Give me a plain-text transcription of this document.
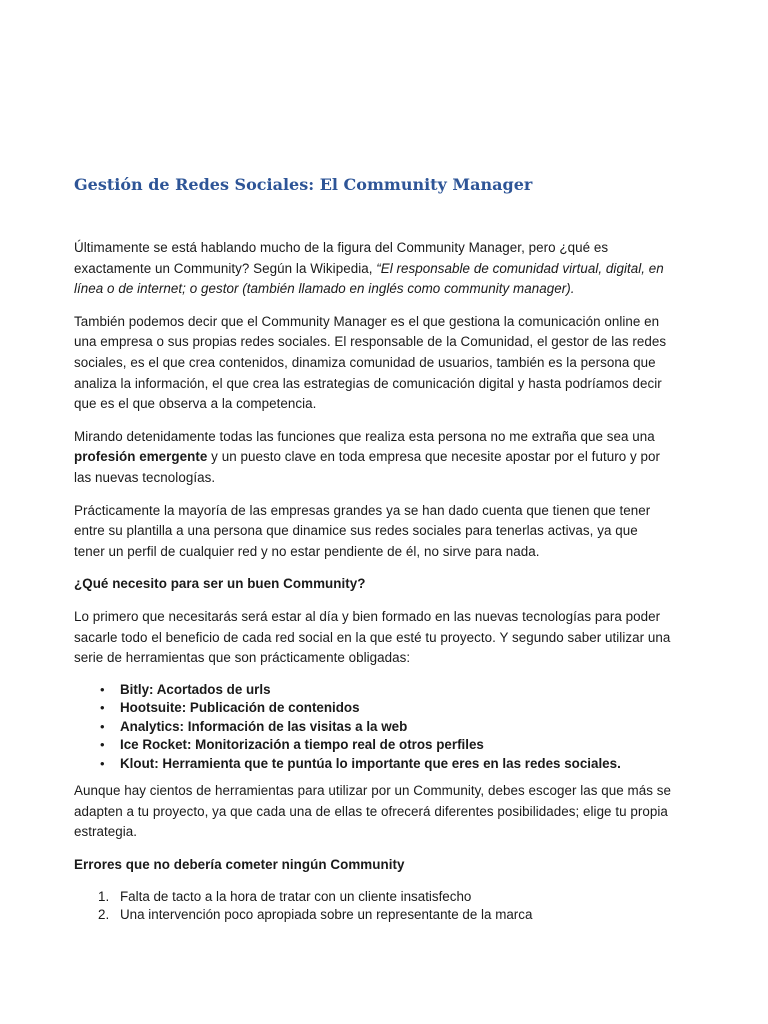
Gestión de Redes Sociales: El Community Manager

Últimamente se está hablando mucho de la figura del Community Manager, pero ¿qué es exactamente un Community? Según la Wikipedia, “El responsable de comunidad virtual, digital, en línea o de internet; o gestor (también llamado en inglés como community manager).

También podemos decir que el Community Manager es el que gestiona la comunicación online en una empresa o sus propias redes sociales. El responsable de la Comunidad, el gestor de las redes sociales, es el que crea contenidos, dinamiza comunidad de usuarios, también es la persona que analiza la información, el que crea las estrategias de comunicación digital y hasta podríamos decir que es el que observa a la competencia.

Mirando detenidamente todas las funciones que realiza esta persona no me extraña que sea una profesión emergente y un puesto clave en toda empresa que necesite apostar por el futuro y por las nuevas tecnologías.

Prácticamente la mayoría de las empresas grandes ya se han dado cuenta que tienen que tener entre su plantilla a una persona que dinamice sus redes sociales para tenerlas activas, ya que tener un perfil de cualquier red y no estar pendiente de él, no sirve para nada.

¿Qué necesito para ser un buen Community?

Lo primero que necesitarás será estar al día y bien formado en las nuevas tecnologías para poder sacarle todo el beneficio de cada red social en la que esté tu proyecto. Y segundo saber utilizar una serie de herramientas que son prácticamente obligadas:

• Bitly: Acortados de urls
• Hootsuite: Publicación de contenidos
• Analytics: Información de las visitas a la web
• Ice Rocket: Monitorización a tiempo real de otros perfiles
• Klout: Herramienta que te puntúa lo importante que eres en las redes sociales.

Aunque hay cientos de herramientas para utilizar por un Community, debes escoger las que más se adapten a tu proyecto, ya que cada una de ellas te ofrecerá diferentes posibilidades; elige tu propia estrategia.

Errores que no debería cometer ningún Community

1. Falta de tacto a la hora de tratar con un cliente insatisfecho
2. Una intervención poco apropiada sobre un representante de la marca
